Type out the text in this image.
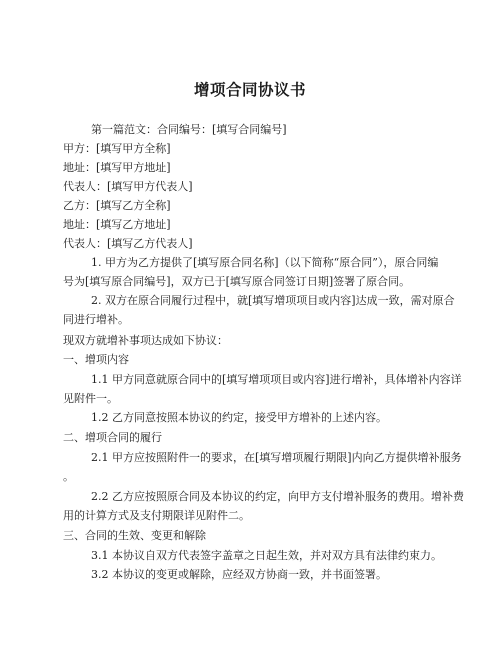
增项合同协议书
第一篇范文：合同编号：[填写合同编号]
甲方：[填写甲方全称]
地址：[填写甲方地址]
代表人：[填写甲方代表人]
乙方：[填写乙方全称]
地址：[填写乙方地址]
代表人：[填写乙方代表人]
1. 甲方为乙方提供了[填写原合同名称]（以下简称“原合同”），原合同编
号为[填写原合同编号]，双方已于[填写原合同签订日期]签署了原合同。
2. 双方在原合同履行过程中，就[填写增项项目或内容]达成一致，需对原合
同进行增补。
现双方就增补事项达成如下协议：
一、增项内容
1.1 甲方同意就原合同中的[填写增项项目或内容]进行增补，具体增补内容详
见附件一。
1.2 乙方同意按照本协议的约定，接受甲方增补的上述内容。
二、增项合同的履行
2.1 甲方应按照附件一的要求，在[填写增项履行期限]内向乙方提供增补服务
。
2.2 乙方应按照原合同及本协议的约定，向甲方支付增补服务的费用。增补费
用的计算方式及支付期限详见附件二。
三、合同的生效、变更和解除
3.1 本协议自双方代表签字盖章之日起生效，并对双方具有法律约束力。
3.2 本协议的变更或解除，应经双方协商一致，并书面签署。
